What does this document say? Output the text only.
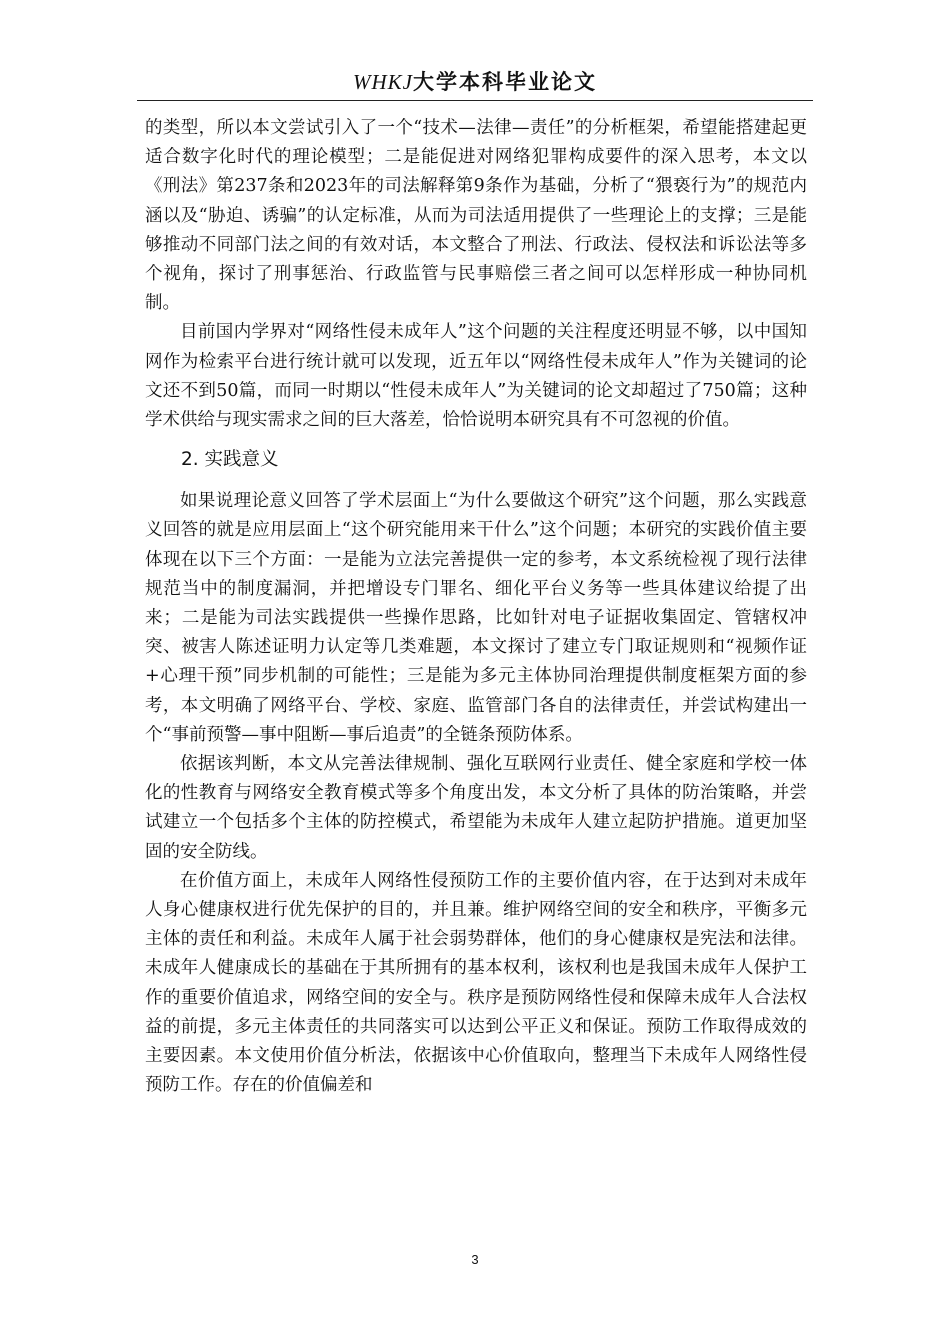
WHKJ大学本科毕业论文

的类型，所以本文尝试引入了一个“技术—法律—责任”的分析框架，希望能搭建起更适合数字化时代的理论模型；二是能促进对网络犯罪构成要件的深入思考，本文以《刑法》第237条和2023年的司法解释第9条作为基础，分析了“猥亵行为”的规范内涵以及“胁迫、诱骗”的认定标准，从而为司法适用提供了一些理论上的支撑；三是能够推动不同部门法之间的有效对话，本文整合了刑法、行政法、侵权法和诉讼法等多个视角，探讨了刑事惩治、行政监管与民事赔偿三者之间可以怎样形成一种协同机制。

目前国内学界对“网络性侵未成年人”这个问题的关注程度还明显不够，以中国知网作为检索平台进行统计就可以发现，近五年以“网络性侵未成年人”作为关键词的论文还不到50篇，而同一时期以“性侵未成年人”为关键词的论文却超过了750篇；这种学术供给与现实需求之间的巨大落差，恰恰说明本研究具有不可忽视的价值。

2. 实践意义

如果说理论意义回答了学术层面上“为什么要做这个研究”这个问题，那么实践意义回答的就是应用层面上“这个研究能用来干什么”这个问题；本研究的实践价值主要体现在以下三个方面：一是能为立法完善提供一定的参考，本文系统检视了现行法律规范当中的制度漏洞，并把增设专门罪名、细化平台义务等一些具体建议给提了出来；二是能为司法实践提供一些操作思路，比如针对电子证据收集固定、管辖权冲突、被害人陈述证明力认定等几类难题，本文探讨了建立专门取证规则和“视频作证+心理干预”同步机制的可能性；三是能为多元主体协同治理提供制度框架方面的参考，本文明确了网络平台、学校、家庭、监管部门各自的法律责任，并尝试构建出一个“事前预警—事中阻断—事后追责”的全链条预防体系。

依据该判断，本文从完善法律规制、强化互联网行业责任、健全家庭和学校一体化的性教育与网络安全教育模式等多个角度出发，本文分析了具体的防治策略，并尝试建立一个包括多个主体的防控模式，希望能为未成年人建立起防护措施。道更加坚固的安全防线。

在价值方面上，未成年人网络性侵预防工作的主要价值内容，在于达到对未成年人身心健康权进行优先保护的目的，并且兼。维护网络空间的安全和秩序，平衡多元主体的责任和利益。未成年人属于社会弱势群体，他们的身心健康权是宪法和法律。未成年人健康成长的基础在于其所拥有的基本权利，该权利也是我国未成年人保护工作的重要价值追求，网络空间的安全与。秩序是预防网络性侵和保障未成年人合法权益的前提，多元主体责任的共同落实可以达到公平正义和保证。预防工作取得成效的主要因素。本文使用价值分析法，依据该中心价值取向，整理当下未成年人网络性侵预防工作。存在的价值偏差和

3
